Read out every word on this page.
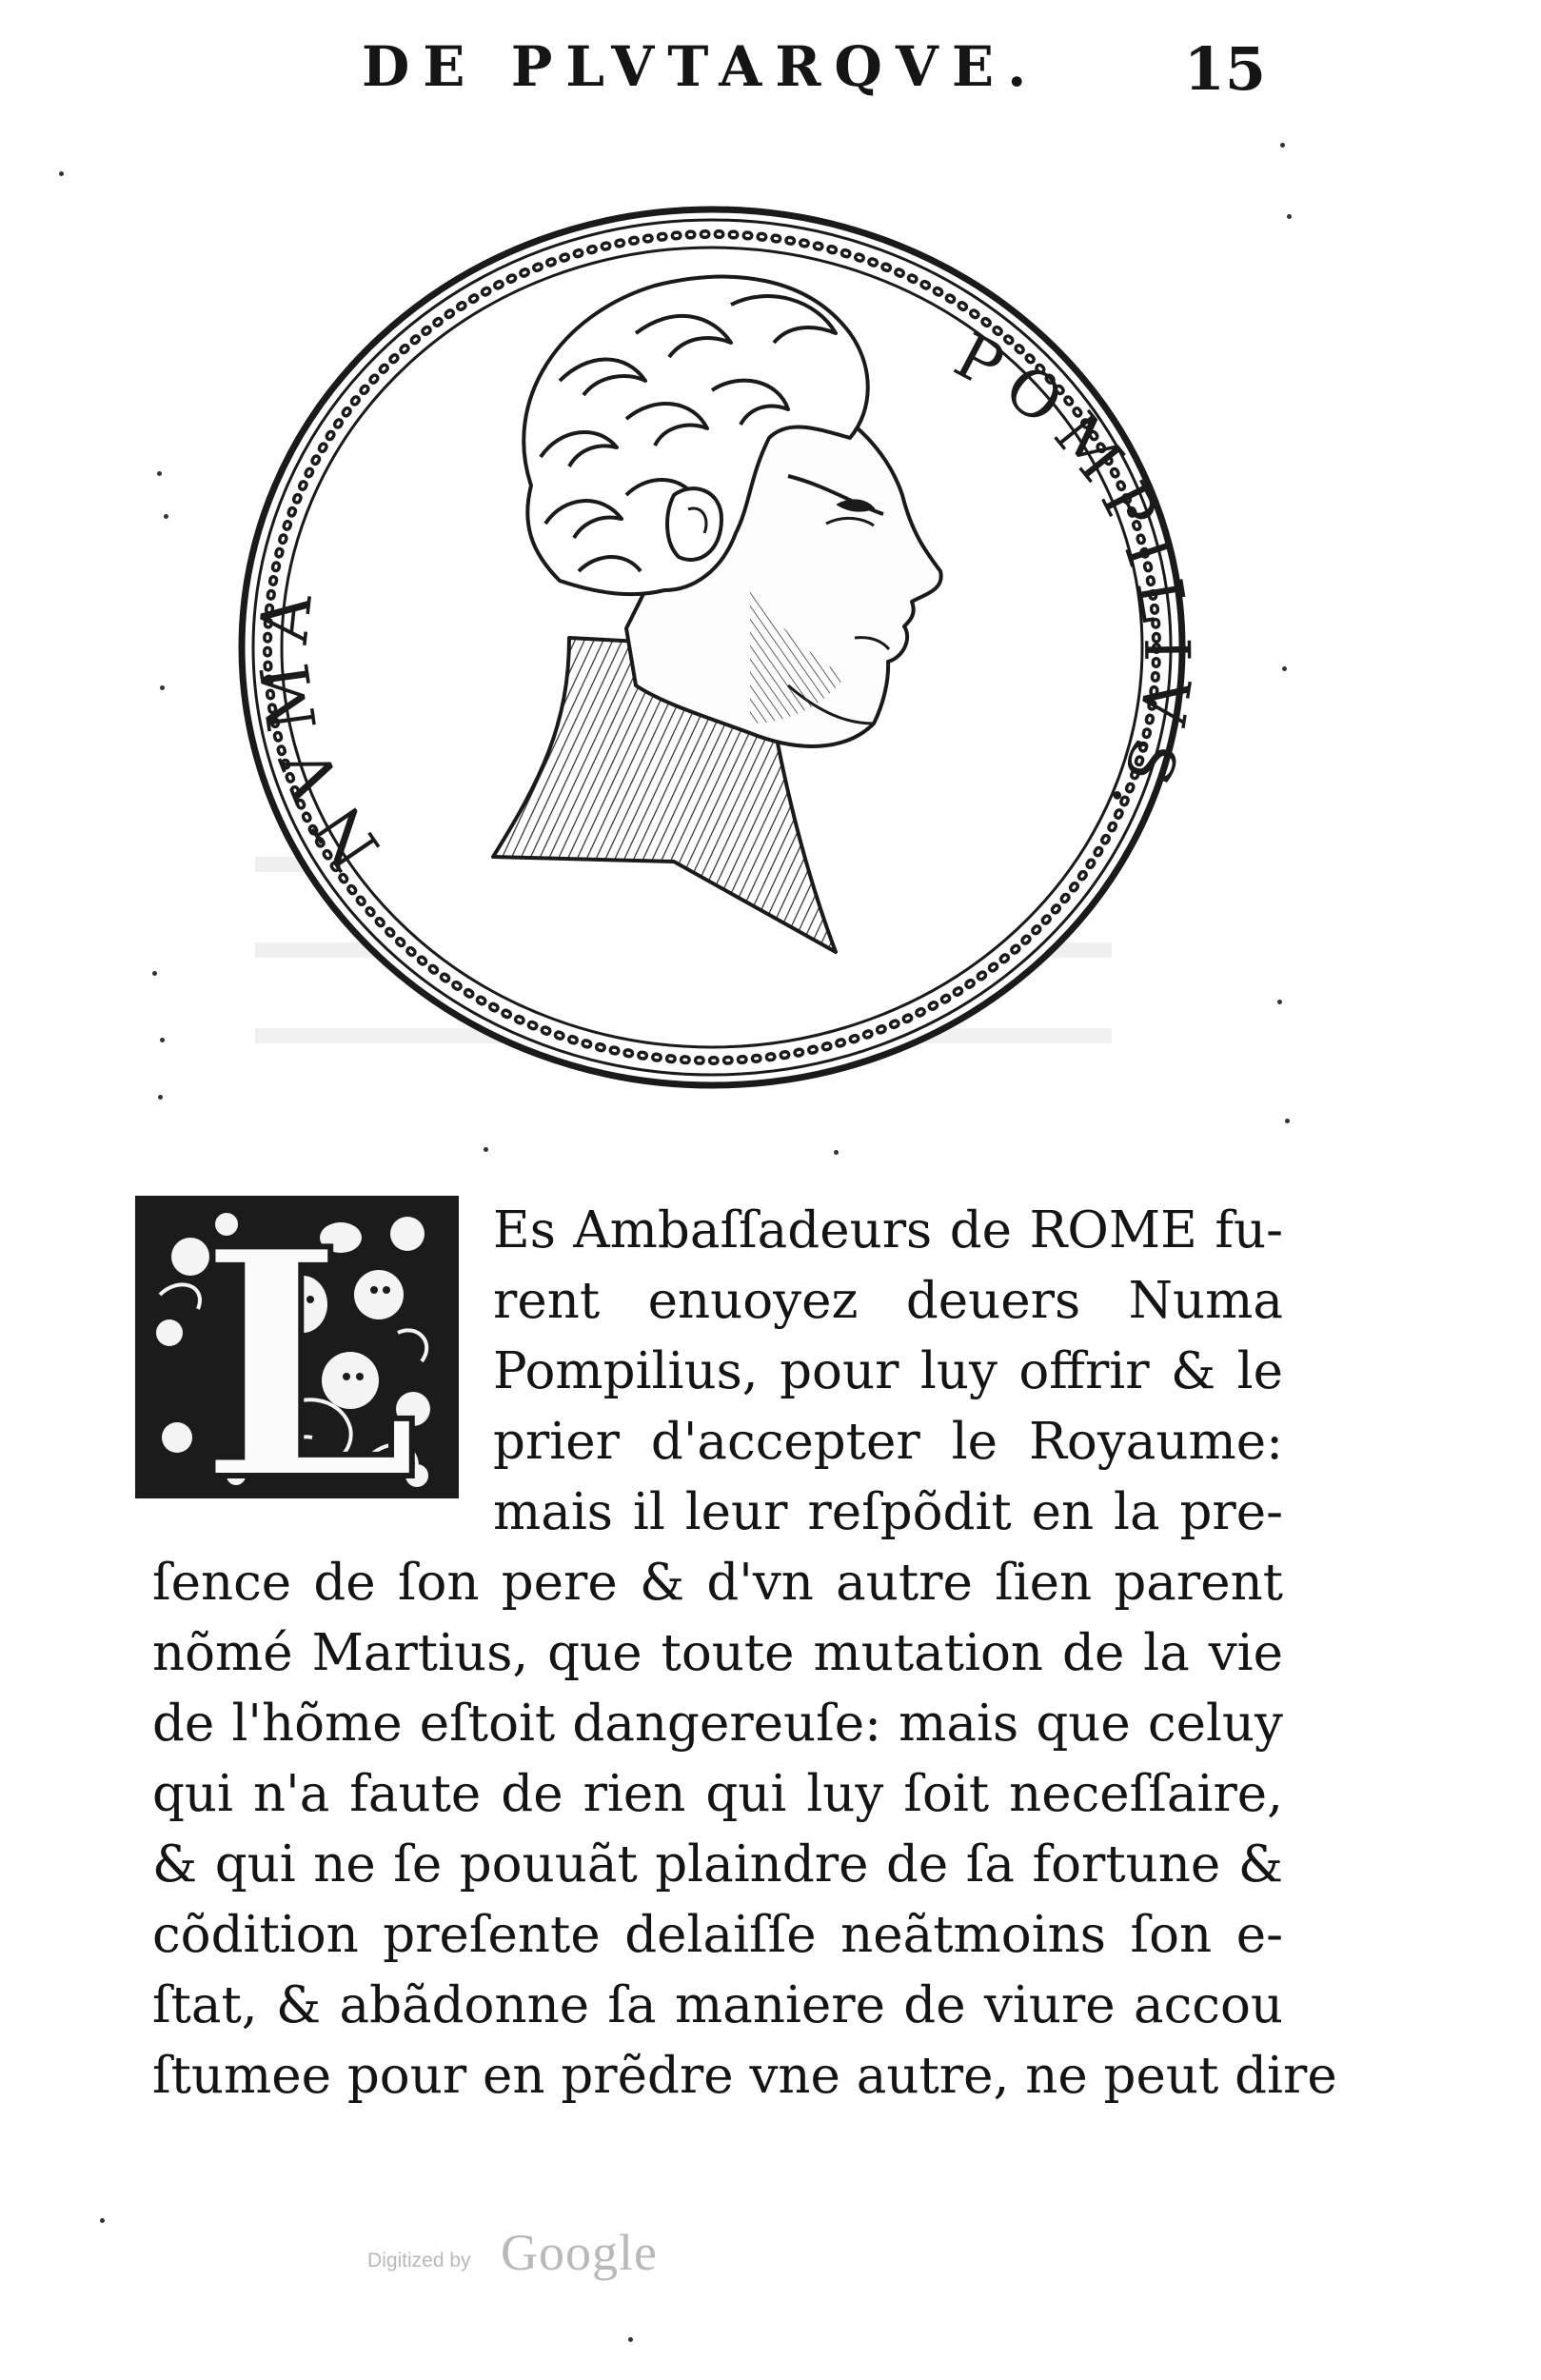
DE PLVTARQVE. 15
NVMA
POMPILIVS.
L Es Ambaſſadeurs de ROME fu-
rent enuoyez deuers Numa
Pompilius, pour luy offrir & le
prier d'accepter le Royaume:
mais il leur reſpõdit en la pre-
ſence de ſon pere & d'vn autre ſien parent
nõmé Martius, que toute mutation de la vie
de l'hõme eſtoit dangereuſe: mais que celuy
qui n'a faute de rien qui luy ſoit neceſſaire,
& qui ne ſe pouuãt plaindre de ſa fortune &
cõdition preſente delaiſſe neãtmoins ſon e-
ſtat, & abãdonne ſa maniere de viure accou
ſtumee pour en prẽdre vne autre, ne peut dire
Digitized by Google
